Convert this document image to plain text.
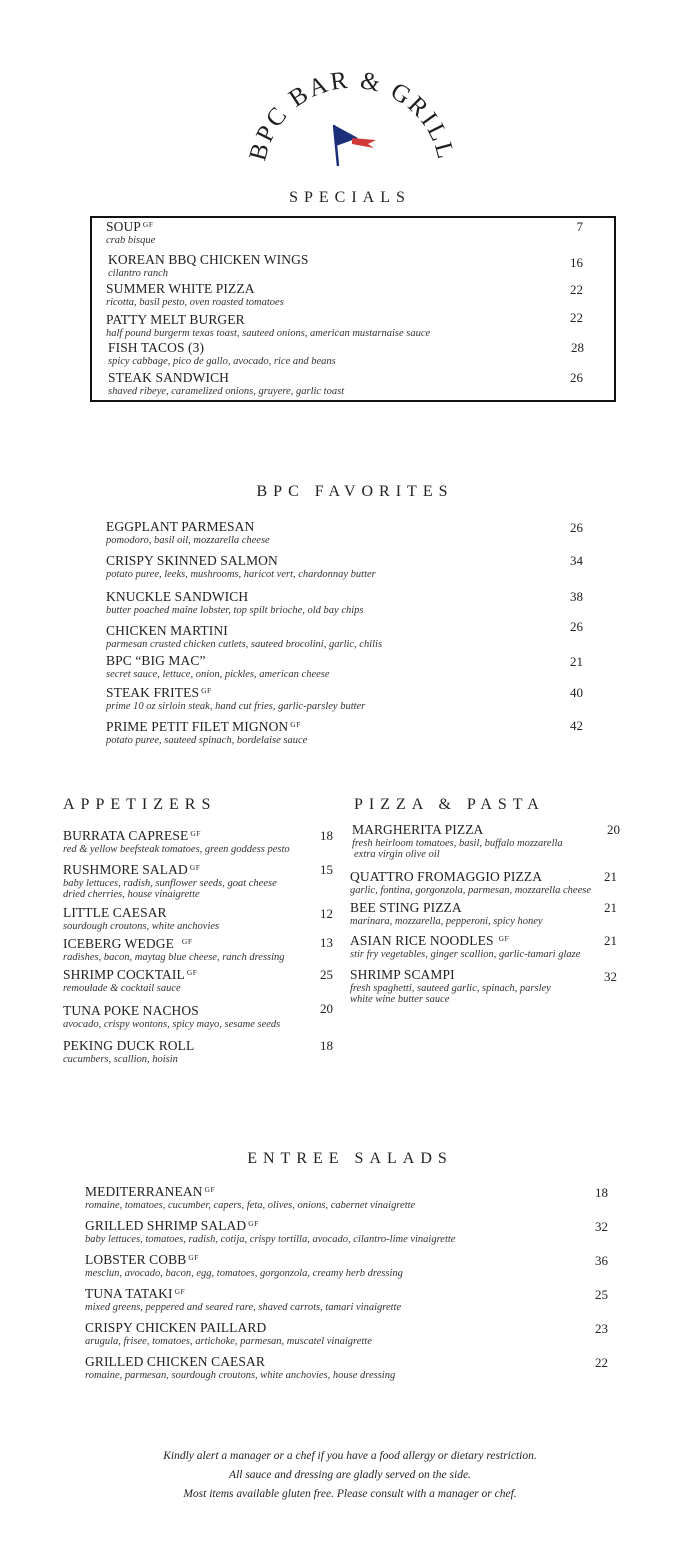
BPC BAR & GRILL
SPECIALS
SOUP $^{GF}$
crab bisque
7
KOREAN BBQ CHICKEN WINGS
cilantro ranch
16
SUMMER WHITE PIZZA
ricotta, basil pesto, oven roasted tomatoes
22
PATTY MELT BURGER
half pound burgerm texas toast, sauteed onions, american mustarnaise sauce
22
FISH TACOS (3)
spicy cabbage, pico de gallo, avocado, rice and beans
28
STEAK SANDWICH
shaved ribeye, caramelized onions, gruyere, garlic toast
26
BPC FAVORITES
EGGPLANT PARMESAN
pomodoro, basil oil, mozzarella cheese
26
CRISPY SKINNED SALMON
potato puree, leeks, mushrooms, haricot vert, chardonnay butter
34
KNUCKLE SANDWICH
butter poached maine lobster, top spilt brioche, old bay chips
38
CHICKEN MARTINI
parmesan crusted chicken cutlets, sauteed brocolini, garlic, chilis
26
BPC “BIG MAC”
secret sauce, lettuce, onion, pickles, american cheese
21
STEAK FRITES $^{GF}$
prime 10 oz sirloin steak, hand cut fries, garlic-parsley butter
40
PRIME PETIT FILET MIGNON $^{GF}$
potato puree, sauteed spinach, bordelaise sauce
42
APPETIZERS
BURRATA CAPRESE $^{GF}$
red & yellow beefsteak tomatoes, green goddess pesto
18
RUSHMORE SALAD $^{GF}$
baby lettuces, radish, sunflower seeds, goat cheese
dried cherries, house vinaigrette
15
LITTLE CAESAR
sourdough croutons, white anchovies
12
ICEBERG WEDGE $^{GF}$
radishes, bacon, maytag blue cheese, ranch dressing
13
SHRIMP COCKTAIL $^{GF}$
remoulade & cocktail sauce
25
TUNA POKE NACHOS
avocado, crispy wontons, spicy mayo, sesame seeds
20
PEKING DUCK ROLL
cucumbers, scallion, hoisin
18
PIZZA & PASTA
MARGHERITA PIZZA
fresh heirloom tomatoes, basil, buffalo mozzarella
extra virgin olive oil
20
QUATTRO FROMAGGIO PIZZA
garlic, fontina, gorgonzola, parmesan, mozzarella cheese
21
BEE STING PIZZA
marinara, mozzarella, pepperoni, spicy honey
21
ASIAN RICE NOODLES $^{GF}$
stir fry vegetables, ginger scallion, garlic-tamari glaze
21
SHRIMP SCAMPI
fresh spaghetti, sauteed garlic, spinach, parsley
white wine butter sauce
32
ENTREE SALADS
MEDITERRANEAN $^{GF}$
romaine, tomatoes, cucumber, capers, feta, olives, onions, cabernet vinaigrette
18
GRILLED SHRIMP SALAD $^{GF}$
baby lettuces, tomatoes, radish, cotija, crispy tortilla, avocado, cilantro-lime vinaigrette
32
LOBSTER COBB $^{GF}$
mesclun, avocado, bacon, egg, tomatoes, gorgonzola, creamy herb dressing
36
TUNA TATAKI $^{GF}$
mixed greens, peppered and seared rare, shaved carrots, tamari vinaigrette
25
CRISPY CHICKEN PAILLARD
arugula, frisee, tomatoes, artichoke, parmesan, muscatel vinaigrette
23
GRILLED CHICKEN CAESAR
romaine, parmesan, sourdough croutons, white anchovies, house dressing
22
Kindly alert a manager or a chef if you have a food allergy or dietary restriction.
All sauce and dressing are gladly served on the side.
Most items available gluten free. Please consult with a manager or chef.
